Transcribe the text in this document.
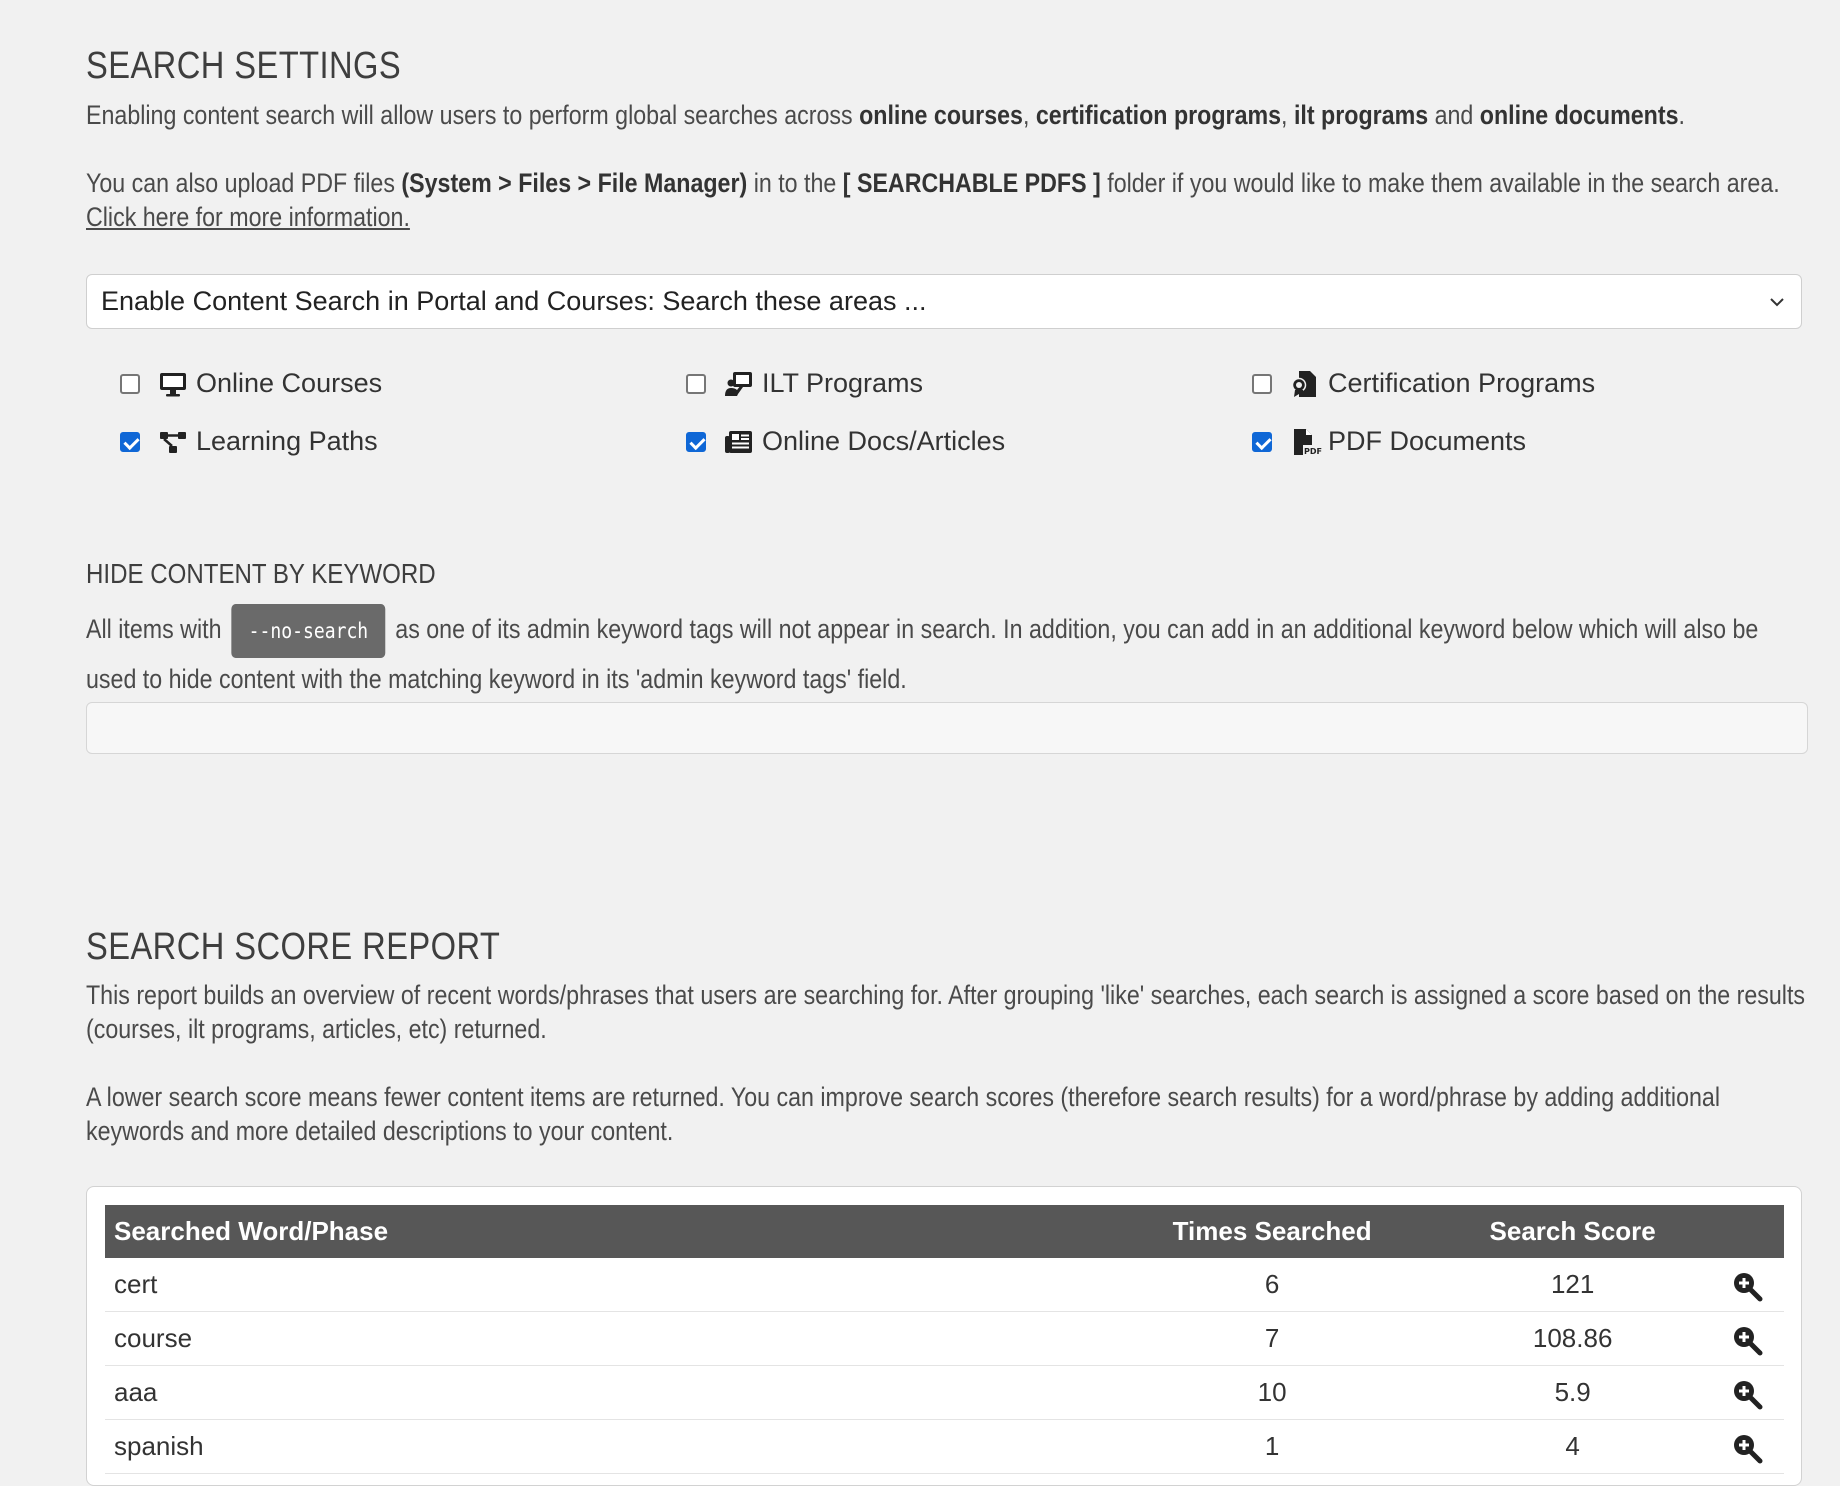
SEARCH SETTINGS

Enabling content search will allow users to perform global searches across online courses, certification programs, ilt programs and online documents.

You can also upload PDF files (System > Files > File Manager) in to the [ SEARCHABLE PDFS ] folder if you would like to make them available in the search area. Click here for more information.

Enable Content Search in Portal and Courses: Search these areas ...
Online Courses	ILT Programs	Certification Programs
Learning Paths	Online Docs/Articles	PDF PDF Documents
HIDE CONTENT BY KEYWORD

All items with --no-search as one of its admin keyword tags will not appear in search. In addition, you can add in an additional keyword below which will also be used to hide content with the matching keyword in its 'admin keyword tags' field.

SEARCH SCORE REPORT

This report builds an overview of recent words/phrases that users are searching for. After grouping 'like' searches, each search is assigned a score based on the results (courses, ilt programs, articles, etc) returned.

A lower search score means fewer content items are returned. You can improve search scores (therefore search results) for a word/phrase by adding additional keywords and more detailed descriptions to your content.

Searched Word/Phase	Times Searched	Search Score	
cert	6	121	
course	7	108.86	
aaa	10	5.9	
spanish	1	4	
